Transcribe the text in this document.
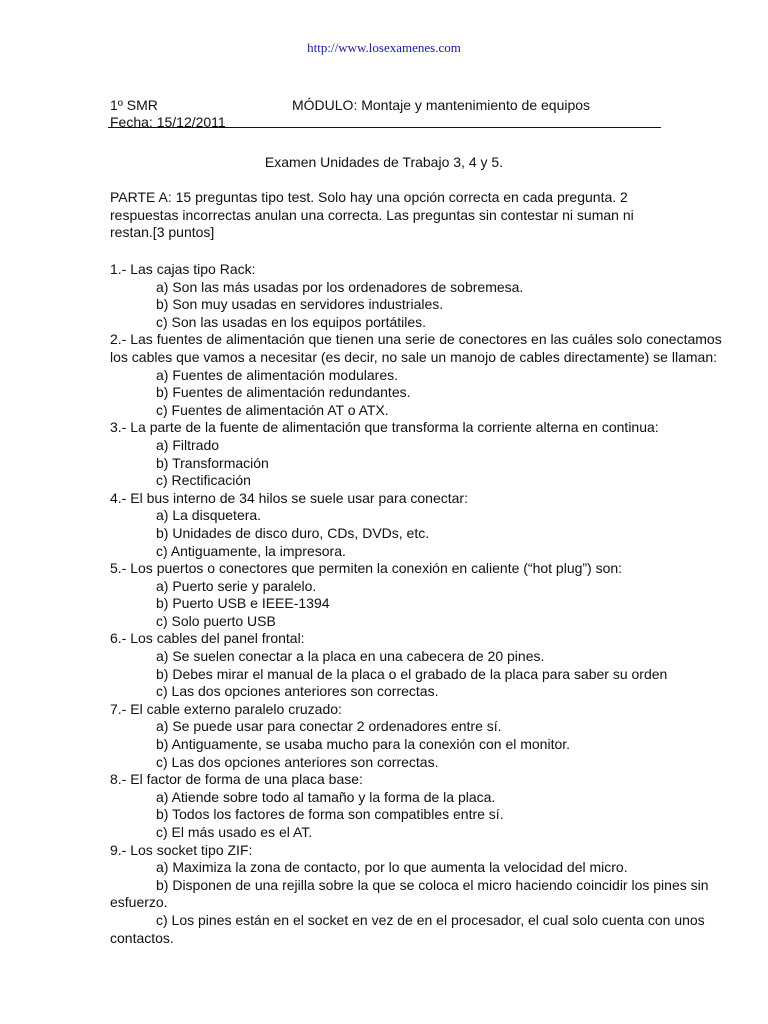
http://www.losexamenes.com
1º SMR
Fecha: 15/12/2011
MÓDULO: Montaje y mantenimiento de equipos
Examen Unidades de Trabajo 3, 4 y 5.
PARTE A: 15 preguntas tipo test. Solo hay una opción correcta en cada pregunta. 2 respuestas incorrectas anulan una correcta. Las preguntas sin contestar ni suman ni restan.[3 puntos]
1.- Las cajas tipo Rack:
a) Son las más usadas por los ordenadores de sobremesa.
b) Son muy usadas en servidores industriales.
c) Son las usadas en los equipos portátiles.
2.- Las fuentes de alimentación que tienen una serie de conectores en las cuáles solo conectamos los cables que vamos a necesitar (es decir, no sale un manojo de cables directamente) se llaman:
a) Fuentes de alimentación modulares.
b) Fuentes de alimentación redundantes.
c) Fuentes de alimentación AT o ATX.
3.- La parte de la fuente de alimentación que transforma la corriente alterna en continua:
a) Filtrado
b) Transformación
c) Rectificación
4.- El bus interno de 34 hilos se suele usar para conectar:
a) La disquetera.
b) Unidades de disco duro, CDs, DVDs, etc.
c) Antiguamente, la impresora.
5.- Los puertos o conectores que permiten la conexión en caliente (“hot plug”) son:
a) Puerto serie y paralelo.
b) Puerto USB e IEEE-1394
c) Solo puerto USB
6.- Los cables del panel frontal:
a) Se suelen conectar a la placa en una cabecera de 20 pines.
b) Debes mirar el manual de la placa o el grabado de la placa para saber su orden
c) Las dos opciones anteriores son correctas.
7.- El cable externo paralelo cruzado:
a) Se puede usar para conectar 2 ordenadores entre sí.
b) Antiguamente, se usaba mucho para la conexión con el monitor.
c) Las dos opciones anteriores son correctas.
8.- El factor de forma de una placa base:
a) Atiende sobre todo al tamaño y la forma de la placa.
b) Todos los factores de forma son compatibles entre sí.
c) El más usado es el AT.
9.- Los socket tipo ZIF:
a) Maximiza la zona de contacto, por lo que aumenta la velocidad del micro.
b) Disponen de una rejilla sobre la que se coloca el micro haciendo coincidir los pines sin esfuerzo.
c) Los pines están en el socket en vez de en el procesador, el cual solo cuenta con unos contactos.
